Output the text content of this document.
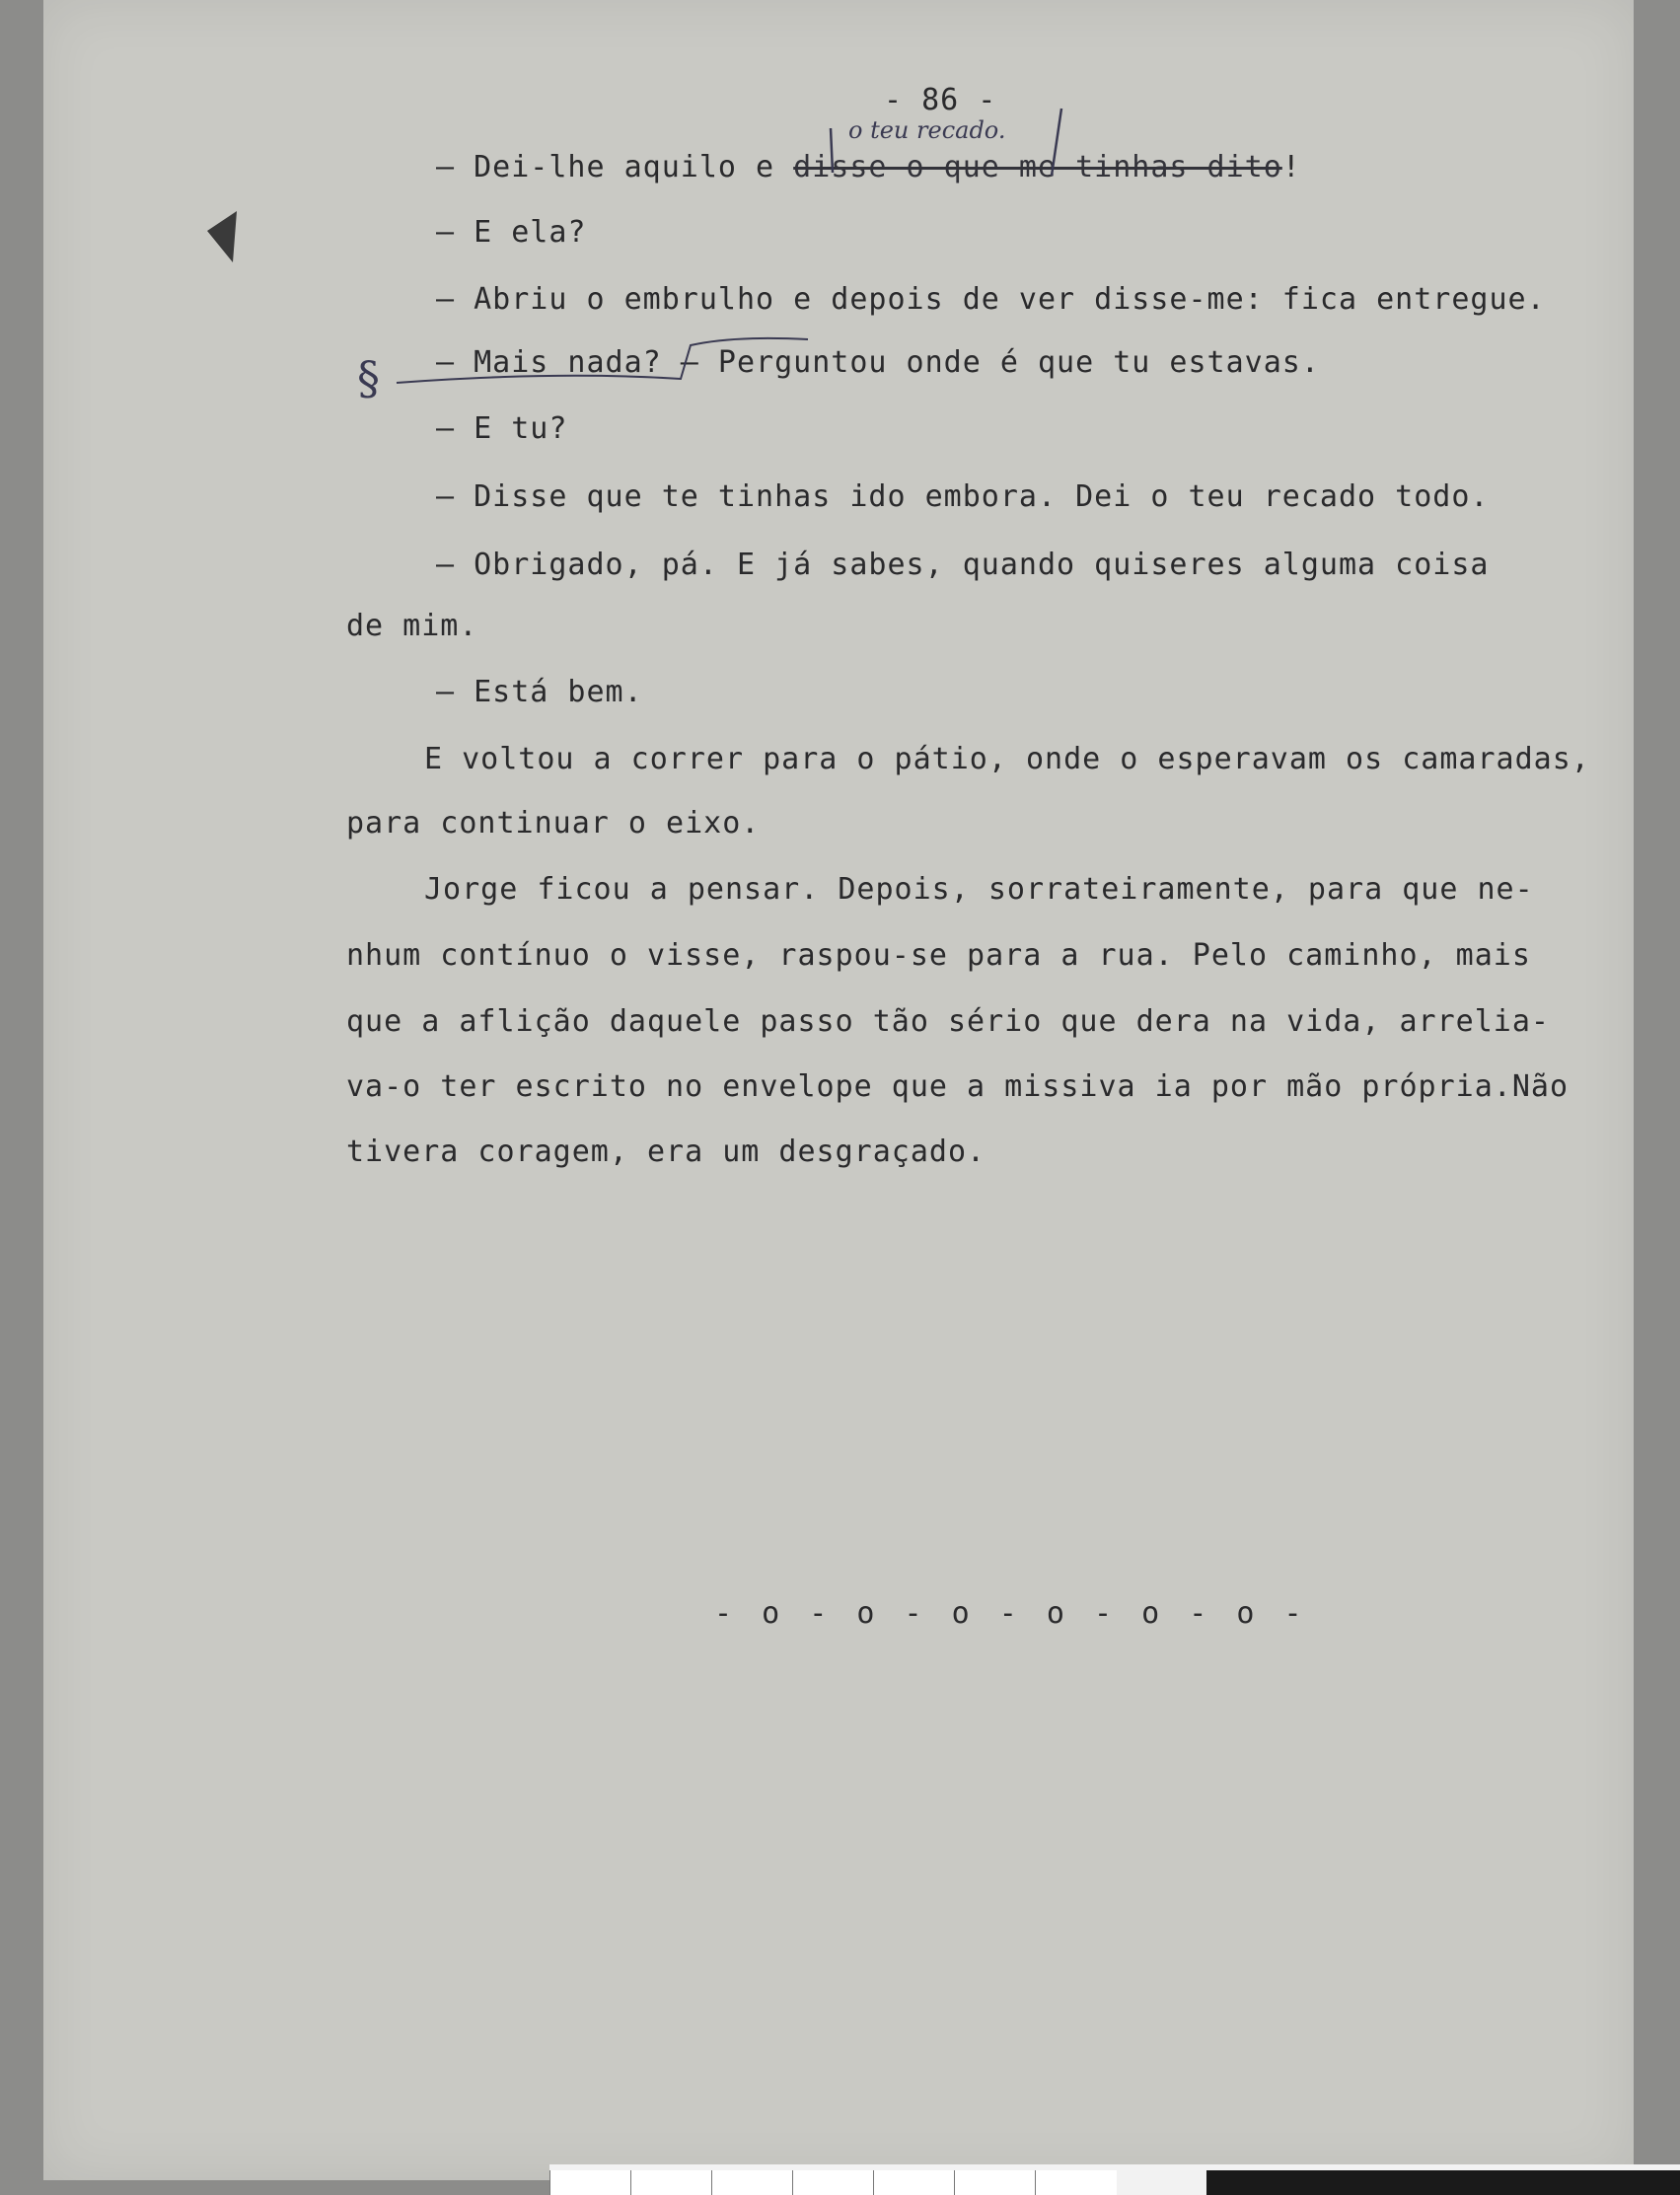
- 86 -
o teu recado.
— Dei-lhe aquilo e disse o que me tinhas dito!
— E ela?
— Abriu o embrulho e depois de ver disse-me: fica entregue.
§ — Mais nada? — Perguntou onde é que tu estavas.
— E tu?
— Disse que te tinhas ido embora. Dei o teu recado todo.
— Obrigado, pá. E já sabes, quando quiseres alguma coisa
de mim.
— Está bem.
E voltou a correr para o pátio, onde o esperavam os camaradas,
para continuar o eixo.
Jorge ficou a pensar. Depois, sorrateiramente, para que ne-
nhum contínuo o visse, raspou-se para a rua. Pelo caminho, mais
que a aflição daquele passo tão sério que dera na vida, arrelia-
va-o ter escrito no envelope que a missiva ia por mão própria.Não
tivera coragem, era um desgraçado.
- o - o - o - o - o - o -
